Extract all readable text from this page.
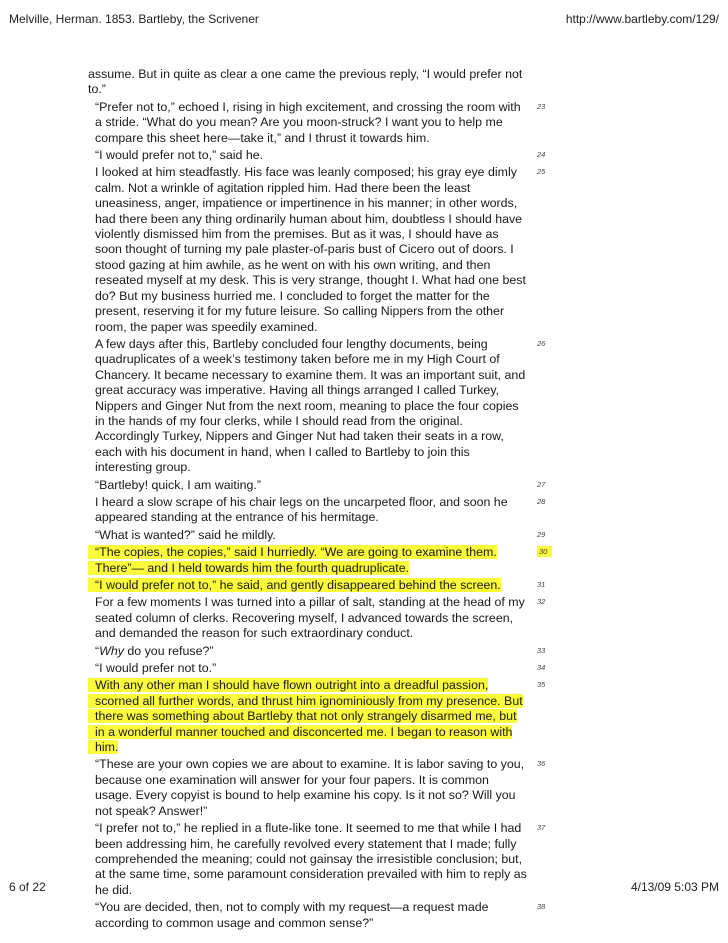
Melville, Herman. 1853. Bartleby, the Scrivener	http://www.bartleby.com/129/
assume. But in quite as clear a one came the previous reply, “I would prefer not to.”
“Prefer not to,” echoed I, rising in high excitement, and crossing the room with a stride. “What do you mean? Are you moon-struck? I want you to help me compare this sheet here—take it,” and I thrust it towards him.
23
“I would prefer not to,” said he.	24
I looked at him steadfastly. His face was leanly composed; his gray eye dimly calm. Not a wrinkle of agitation rippled him. Had there been the least uneasiness, anger, impatience or impertinence in his manner; in other words, had there been any thing ordinarily human about him, doubtless I should have violently dismissed him from the premises. But as it was, I should have as soon thought of turning my pale plaster-of-paris bust of Cicero out of doors. I stood gazing at him awhile, as he went on with his own writing, and then reseated myself at my desk. This is very strange, thought I. What had one best do? But my business hurried me. I concluded to forget the matter for the present, reserving it for my future leisure. So calling Nippers from the other room, the paper was speedily examined.
25
A few days after this, Bartleby concluded four lengthy documents, being quadruplicates of a week’s testimony taken before me in my High Court of Chancery. It became necessary to examine them. It was an important suit, and great accuracy was imperative. Having all things arranged I called Turkey, Nippers and Ginger Nut from the next room, meaning to place the four copies in the hands of my four clerks, while I should read from the original. Accordingly Turkey, Nippers and Ginger Nut had taken their seats in a row, each with his document in hand, when I called to Bartleby to join this interesting group.
26
“Bartleby! quick, I am waiting.”	27
I heard a slow scrape of his chair legs on the uncarpeted floor, and soon he appeared standing at the entrance of his hermitage.
28
“What is wanted?” said he mildly.	29
“The copies, the copies,” said I hurriedly. “We are going to examine them. There”— and I held towards him the fourth quadruplicate.
30
“I would prefer not to,” he said, and gently disappeared behind the screen.	31
For a few moments I was turned into a pillar of salt, standing at the head of my seated column of clerks. Recovering myself, I advanced towards the screen, and demanded the reason for such extraordinary conduct.
32
“Why do you refuse?”	33
“I would prefer not to.”	34
With any other man I should have flown outright into a dreadful passion, scorned all further words, and thrust him ignominiously from my presence. But there was something about Bartleby that not only strangely disarmed me, but in a wonderful manner touched and disconcerted me. I began to reason with him.
35
“These are your own copies we are about to examine. It is labor saving to you, because one examination will answer for your four papers. It is common usage. Every copyist is bound to help examine his copy. Is it not so? Will you not speak? Answer!”
36
“I prefer not to,” he replied in a flute-like tone. It seemed to me that while I had been addressing him, he carefully revolved every statement that I made; fully comprehended the meaning; could not gainsay the irresistible conclusion; but, at the same time, some paramount consideration prevailed with him to reply as he did.
37
“You are decided, then, not to comply with my request—a request made according to common usage and common sense?”
38
6 of 22	4/13/09 5:03 PM
